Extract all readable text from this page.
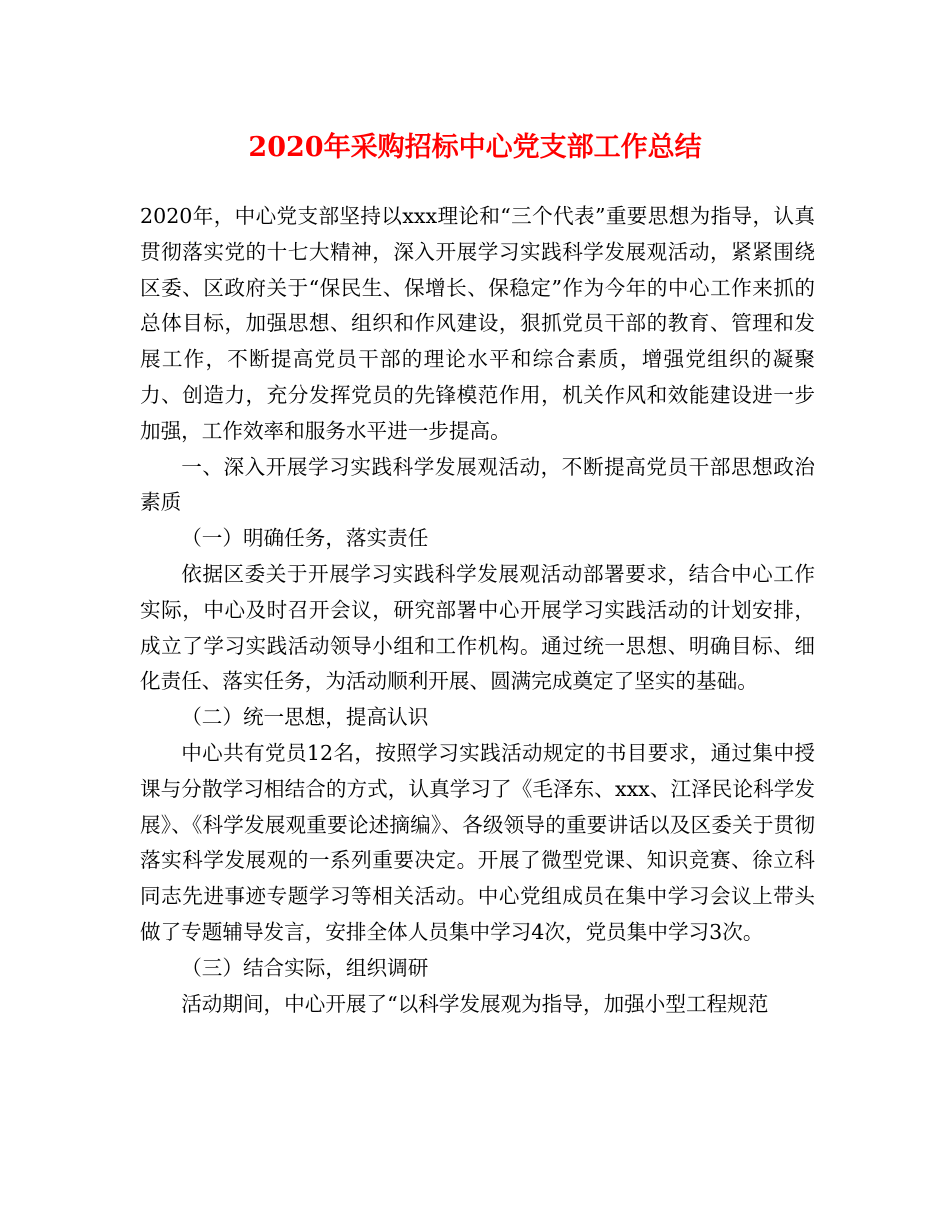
2020年采购招标中心党支部工作总结

2020年，中心党支部坚持以xxx理论和“三个代表”重要思想为指导，认真贯彻落实党的十七大精神，深入开展学习实践科学发展观活动，紧紧围绕区委、区政府关于“保民生、保增长、保稳定”作为今年的中心工作来抓的总体目标，加强思想、组织和作风建设，狠抓党员干部的教育、管理和发展工作，不断提高党员干部的理论水平和综合素质，增强党组织的凝聚力、创造力，充分发挥党员的先锋模范作用，机关作风和效能建设进一步加强，工作效率和服务水平进一步提高。

一、深入开展学习实践科学发展观活动，不断提高党员干部思想政治素质

（一）明确任务，落实责任

依据区委关于开展学习实践科学发展观活动部署要求，结合中心工作实际，中心及时召开会议，研究部署中心开展学习实践活动的计划安排，成立了学习实践活动领导小组和工作机构。通过统一思想、明确目标、细化责任、落实任务，为活动顺利开展、圆满完成奠定了坚实的基础。

（二）统一思想，提高认识

中心共有党员12名，按照学习实践活动规定的书目要求，通过集中授课与分散学习相结合的方式，认真学习了《毛泽东、xxx、江泽民论科学发展》、《科学发展观重要论述摘编》、各级领导的重要讲话以及区委关于贯彻落实科学发展观的一系列重要决定。开展了微型党课、知识竞赛、徐立科同志先进事迹专题学习等相关活动。中心党组成员在集中学习会议上带头做了专题辅导发言，安排全体人员集中学习4次，党员集中学习3次。

（三）结合实际，组织调研

活动期间，中心开展了“以科学发展观为指导，加强小型工程规范
